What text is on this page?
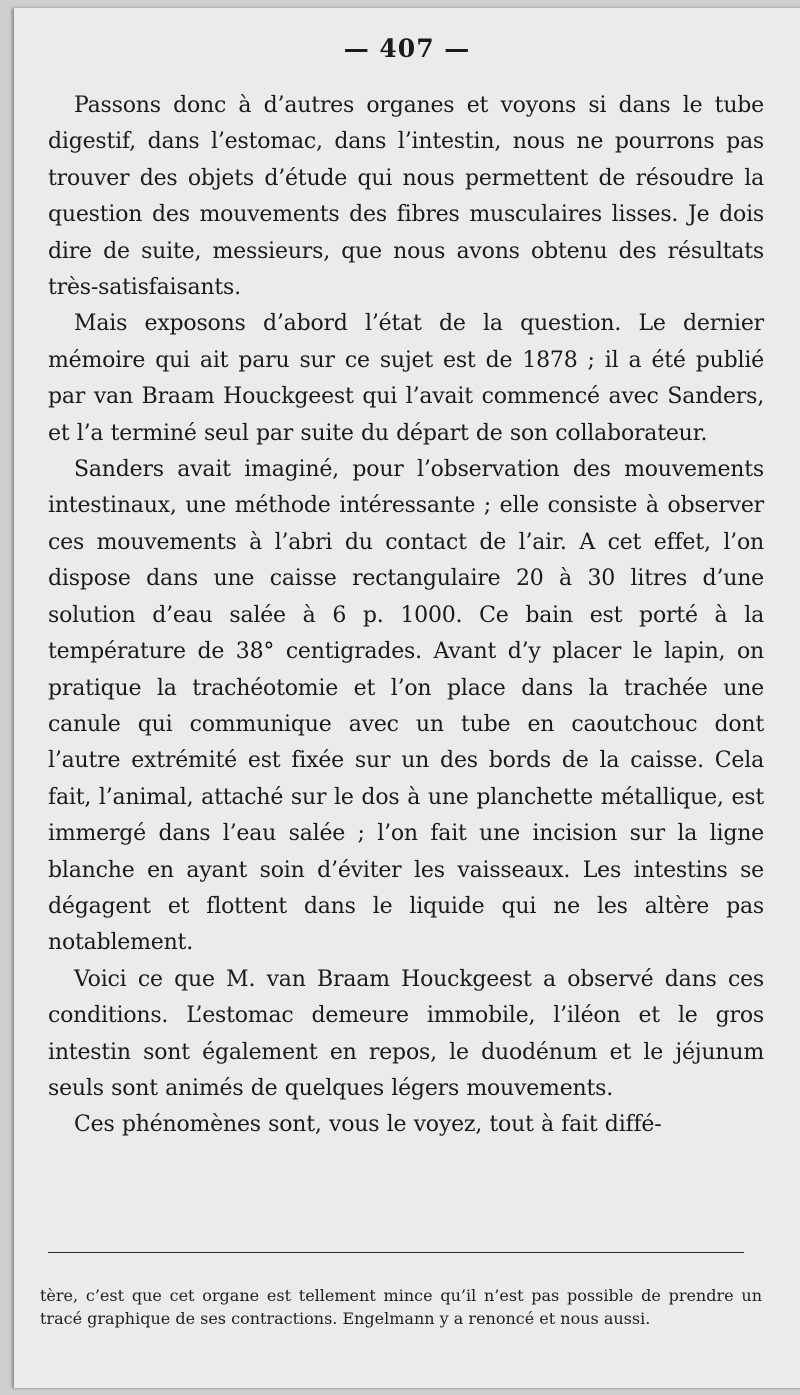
— 407 —

Passons donc à d’autres organes et voyons si dans le tube digestif, dans l’estomac, dans l’intestin, nous ne pourrons pas trouver des objets d’étude qui nous permettent de résoudre la question des mouvements des fibres musculaires lisses. Je dois dire de suite, messieurs, que nous avons obtenu des résultats très-satisfaisants.

Mais exposons d’abord l’état de la question. Le dernier mémoire qui ait paru sur ce sujet est de 1878 ; il a été publié par van Braam Houckgeest qui l’avait commencé avec Sanders, et l’a terminé seul par suite du départ de son collaborateur.

Sanders avait imaginé, pour l’observation des mouvements intestinaux, une méthode intéressante ; elle consiste à observer ces mouvements à l’abri du contact de l’air. A cet effet, l’on dispose dans une caisse rectangulaire 20 à 30 litres d’une solution d’eau salée à 6 p. 1000. Ce bain est porté à la température de 38° centigrades. Avant d’y placer le lapin, on pratique la trachéotomie et l’on place dans la trachée une canule qui communique avec un tube en caoutchouc dont l’autre extrémité est fixée sur un des bords de la caisse. Cela fait, l’animal, attaché sur le dos à une planchette métallique, est immergé dans l’eau salée ; l’on fait une incision sur la ligne blanche en ayant soin d’éviter les vaisseaux. Les intestins se dégagent et flottent dans le liquide qui ne les altère pas notablement.

Voici ce que M. van Braam Houckgeest a observé dans ces conditions. L’estomac demeure immobile, l’iléon et le gros intestin sont également en repos, le duodénum et le jéjunum seuls sont animés de quelques légers mouvements.

Ces phénomènes sont, vous le voyez, tout à fait diffé-

tère, c’est que cet organe est tellement mince qu’il n’est pas possible de prendre un tracé graphique de ses contractions. Engelmann y a renoncé et nous aussi.
